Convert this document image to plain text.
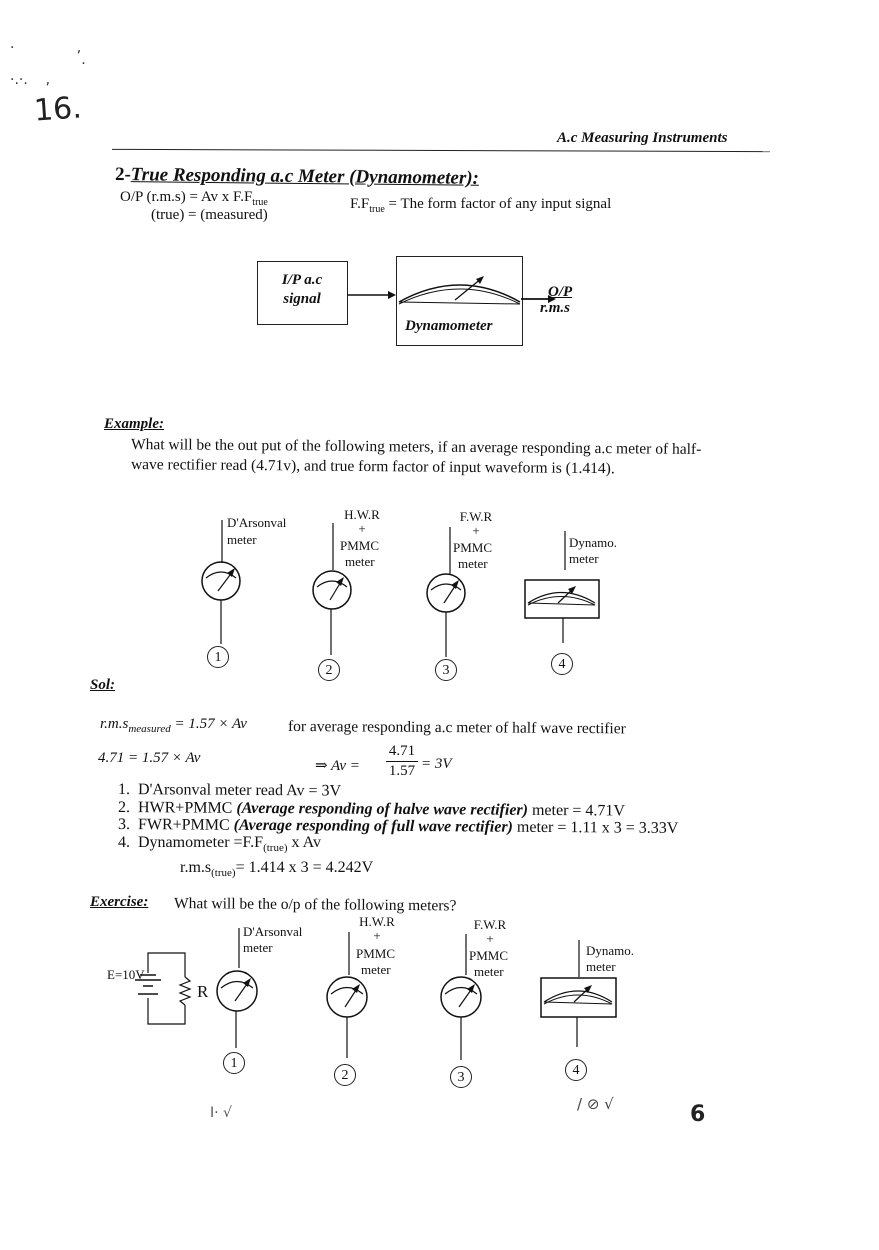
16.
·              ,
·
·.·.    ,
6
I· √	/ ⊘ √
A.c Measuring Instruments
2-True Responding a.c Meter (Dynamometer):
O/P (r.m.s) = Av x $F.F_{true}$
(true) = (measured)
$F.F_{true}$ = The form factor of any input signal
I/P a.c
signal
Dynamometer
O/P
r.m.s
Example:
What will be the out put of the following meters, if an average responding a.c meter of half-
wave rectifier read (4.71v), and true form factor of input waveform is (1.414).
D'Arsonval
meter
H.W.R
+
PMMC
meter
F.W.R
+
PMMC
meter
Dynamo.
meter
1
2	3	4
Sol:
$r.m.s_{measured} = 1.57 \times Av$	for average responding a.c meter of half wave rectifier
4.71 = 1.57 × Av	⇒ Av =
4.71
1.57 = 3V
1. D'Arsonval meter read Av = 3V
2. HWR+PMMC (Average responding of halve wave rectifier) meter = 4.71V
3. FWR+PMMC (Average responding of full wave rectifier) meter = 1.11 x 3 = 3.33V
4. Dynamometer $=F.F_{(true)}$ x Av
$r.m.s_{(true)}= 1.414$ x 3 = 4.242V
Exercise: What will be the o/p of the following meters?
E=10V
R
D'Arsonval
meter
H.W.R
+
PMMC
meter
F.W.R
+
PMMC
meter
Dynamo.
meter
1
2	3	4
